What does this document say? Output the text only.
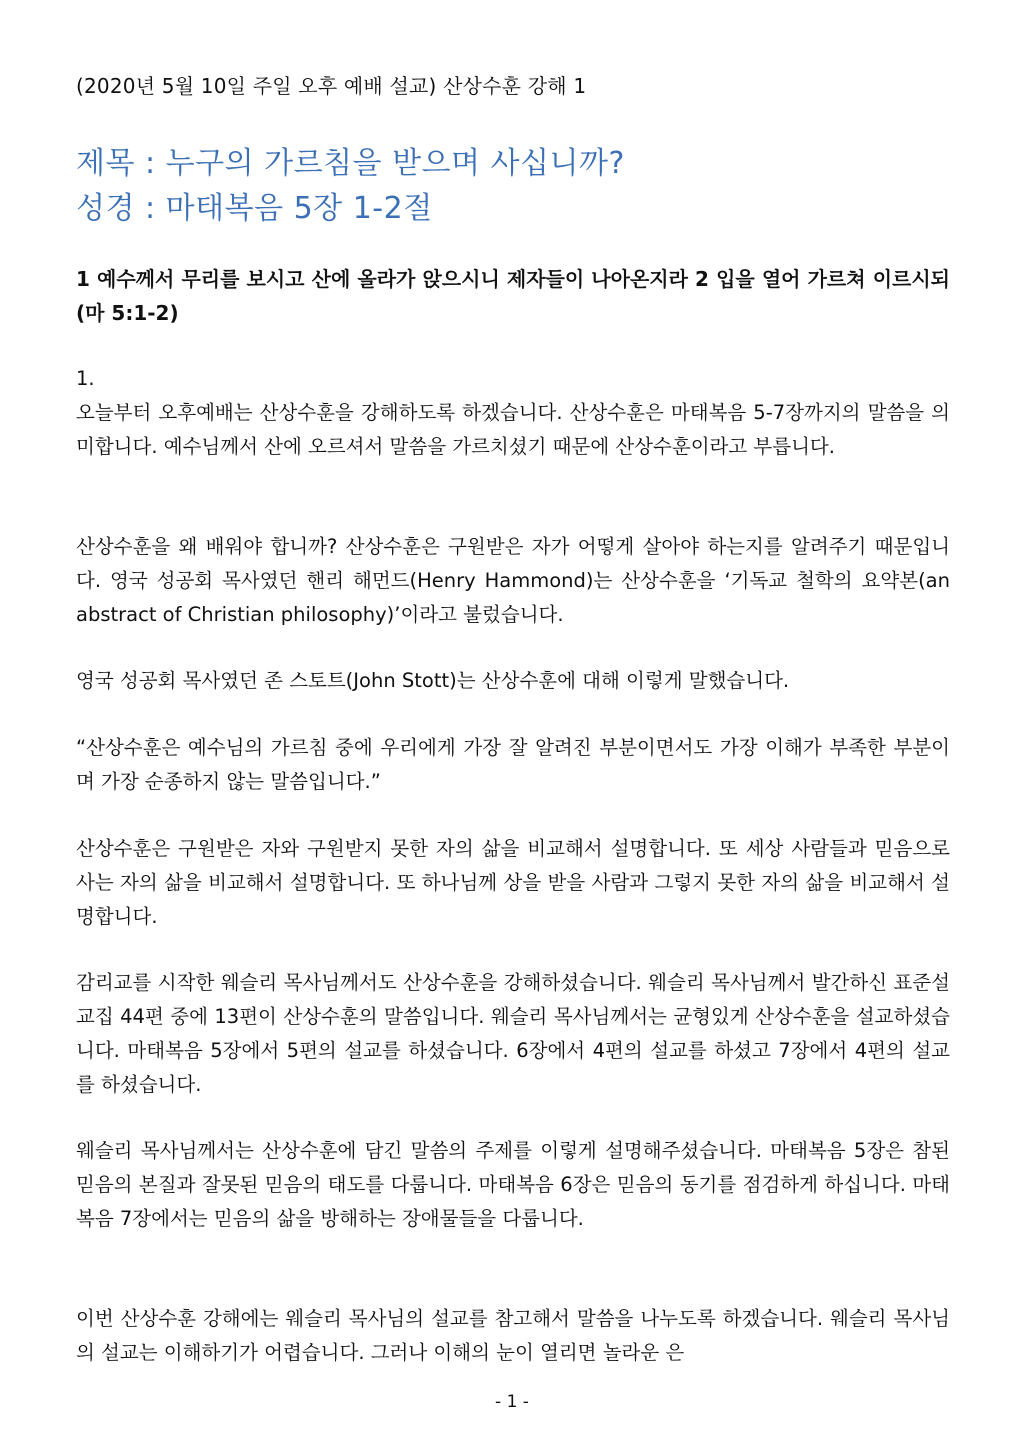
(2020년 5월 10일 주일 오후 예배 설교) 산상수훈 강해 1
제목 : 누구의 가르침을 받으며 사십니까?
성경 : 마태복음 5장 1-2절
1 예수께서 무리를 보시고 산에 올라가 앉으시니 제자들이 나아온지라 2 입을 열어 가르쳐 이르시되 (마 5:1-2)

1.

오늘부터 오후예배는 산상수훈을 강해하도록 하겠습니다. 산상수훈은 마태복음 5-7장까지의 말씀을 의미합니다. 예수님께서 산에 오르셔서 말씀을 가르치셨기 때문에 산상수훈이라고 부릅니다.

산상수훈을 왜 배워야 합니까? 산상수훈은 구원받은 자가 어떻게 살아야 하는지를 알려주기 때문입니다. 영국 성공회 목사였던 핸리 해먼드(Henry Hammond)는 산상수훈을 ‘기독교 철학의 요약본(an abstract of Christian philosophy)’이라고 불렀습니다.

영국 성공회 목사였던 존 스토트(John Stott)는 산상수훈에 대해 이렇게 말했습니다.

“산상수훈은 예수님의 가르침 중에 우리에게 가장 잘 알려진 부분이면서도 가장 이해가 부족한 부분이며 가장 순종하지 않는 말씀입니다.”

산상수훈은 구원받은 자와 구원받지 못한 자의 삶을 비교해서 설명합니다. 또 세상 사람들과 믿음으로 사는 자의 삶을 비교해서 설명합니다. 또 하나님께 상을 받을 사람과 그렇지 못한 자의 삶을 비교해서 설명합니다.

감리교를 시작한 웨슬리 목사님께서도 산상수훈을 강해하셨습니다. 웨슬리 목사님께서 발간하신 표준설교집 44편 중에 13편이 산상수훈의 말씀입니다. 웨슬리 목사님께서는 균형있게 산상수훈을 설교하셨습니다. 마태복음 5장에서 5편의 설교를 하셨습니다. 6장에서 4편의 설교를 하셨고 7장에서 4편의 설교를 하셨습니다.

웨슬리 목사님께서는 산상수훈에 담긴 말씀의 주제를 이렇게 설명해주셨습니다. 마태복음 5장은 참된 믿음의 본질과 잘못된 믿음의 태도를 다룹니다. 마태복음 6장은 믿음의 동기를 점검하게 하십니다. 마태복음 7장에서는 믿음의 삶을 방해하는 장애물들을 다룹니다.

이번 산상수훈 강해에는 웨슬리 목사님의 설교를 참고해서 말씀을 나누도록 하겠습니다. 웨슬리 목사님의 설교는 이해하기가 어렵습니다. 그러나 이해의 눈이 열리면 놀라운 은

- 1 -
